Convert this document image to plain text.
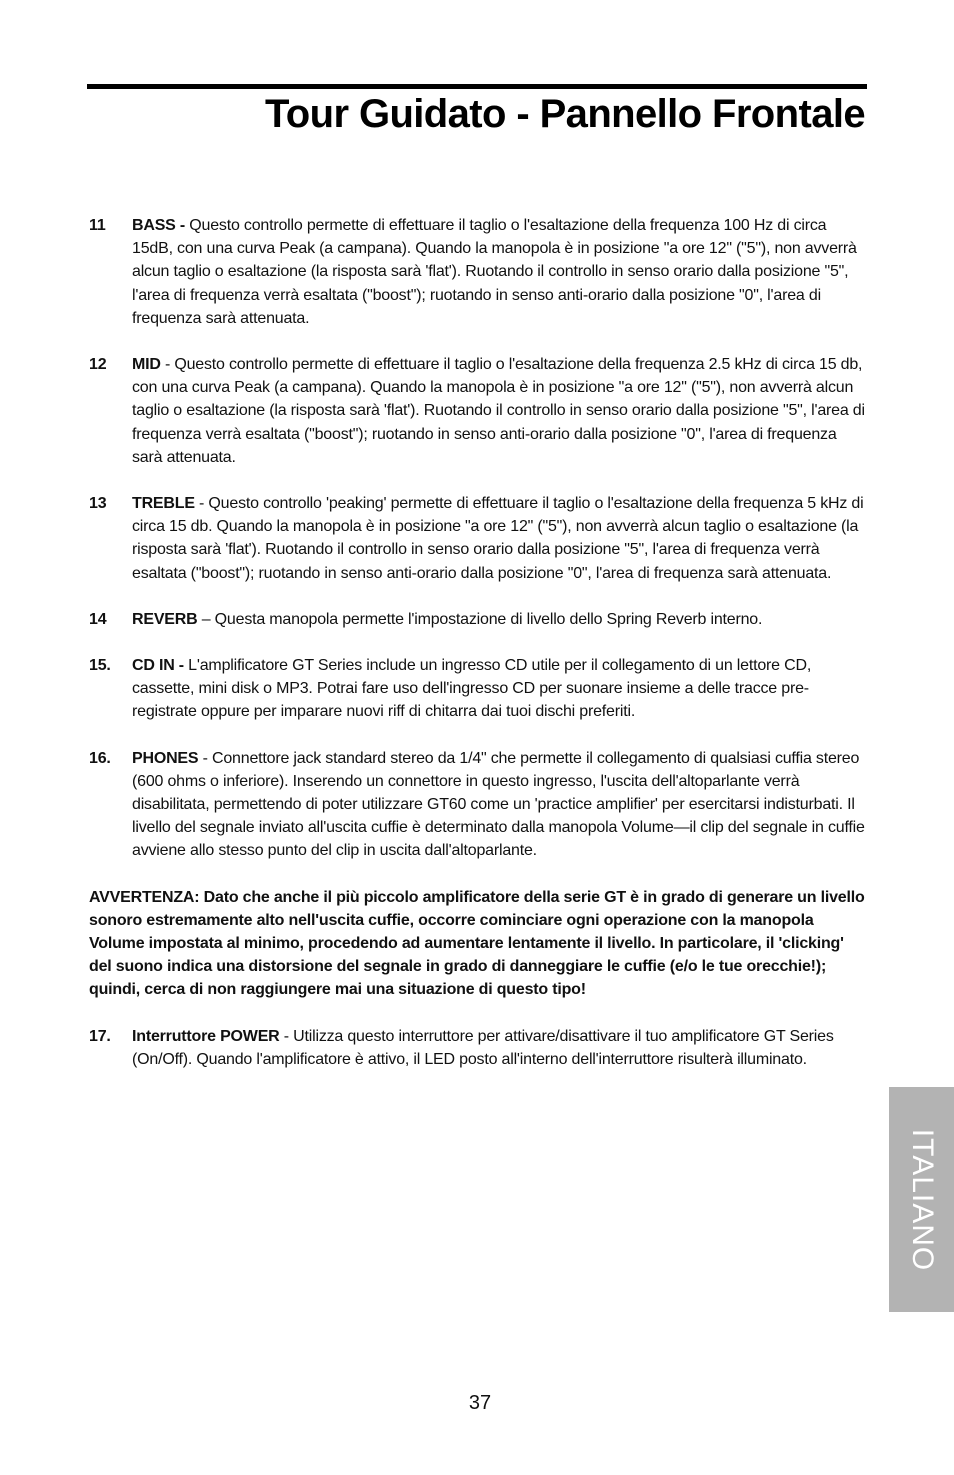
Tour Guidato - Pannello Frontale
11 BASS - Questo controllo permette di effettuare il taglio o l'esaltazione della frequenza 100 Hz di circa 15dB, con una curva Peak (a campana). Quando la manopola è in posizione "a ore 12" ("5"), non avverrà alcun taglio o esaltazione (la risposta sarà 'flat'). Ruotando il controllo in senso orario dalla posizione "5", l'area di frequenza verrà esaltata ("boost"); ruotando in senso anti-orario dalla posizione "0", l'area di frequenza sarà attenuata.
12 MID - Questo controllo permette di effettuare il taglio o l'esaltazione della frequenza 2.5 kHz di circa 15 db, con una curva Peak (a campana). Quando la manopola è in posizione "a ore 12" ("5"), non avverrà alcun taglio o esaltazione (la risposta sarà 'flat'). Ruotando il controllo in senso orario dalla posizione "5", l'area di frequenza verrà esaltata ("boost"); ruotando in senso anti-orario dalla posizione "0", l'area di frequenza sarà attenuata.
13 TREBLE - Questo controllo 'peaking' permette di effettuare il taglio o l'esaltazione della frequenza 5 kHz di circa 15 db. Quando la manopola è in posizione "a ore 12" ("5"), non avverrà alcun taglio o esaltazione (la risposta sarà 'flat'). Ruotando il controllo in senso orario dalla posizione "5", l'area di frequenza verrà esaltata ("boost"); ruotando in senso anti-orario dalla posizione "0", l'area di frequenza sarà attenuata.
14 REVERB – Questa manopola permette l'impostazione di livello dello Spring Reverb interno.
15. CD IN - L'amplificatore GT Series include un ingresso CD utile per il collegamento di un lettore CD, cassette, mini disk o MP3. Potrai fare uso dell'ingresso CD per suonare insieme a delle tracce pre-registrate oppure per imparare nuovi riff di chitarra dai tuoi dischi preferiti.
16. PHONES - Connettore jack standard stereo da 1/4" che permette il collegamento di qualsiasi cuffia stereo (600 ohms o inferiore). Inserendo un connettore in questo ingresso, l'uscita dell'altoparlante verrà disabilitata, permettendo di poter utilizzare GT60 come un 'practice amplifier' per esercitarsi indisturbati. Il livello del segnale inviato all'uscita cuffie è determinato dalla manopola Volume—il clip del segnale in cuffie avviene allo stesso punto del clip in uscita dall'altoparlante.
AVVERTENZA: Dato che anche il più piccolo amplificatore della serie GT è in grado di generare un livello sonoro estremamente alto nell'uscita cuffie, occorre cominciare ogni operazione con la manopola Volume impostata al minimo, procedendo ad aumentare lentamente il livello. In particolare, il 'clicking' del suono indica una distorsione del segnale in grado di danneggiare le cuffie (e/o le tue orecchie!); quindi, cerca di non raggiungere mai una situazione di questo tipo!
17. Interruttore POWER - Utilizza questo interruttore per attivare/disattivare il tuo amplificatore GT Series (On/Off). Quando l'amplificatore è attivo, il LED posto all'interno dell'interruttore risulterà illuminato.
ITALIANO
37
